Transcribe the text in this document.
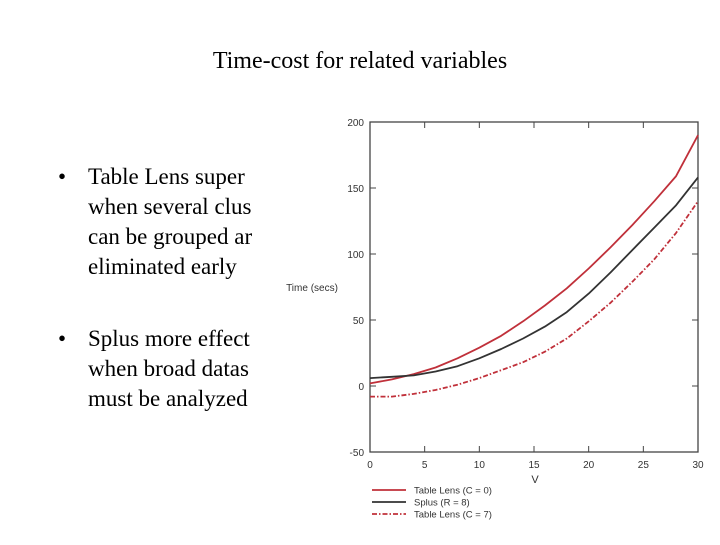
Time-cost for related variables
• Table Lens super
when several clus
can be grouped ar
eliminated early
• Splus more effect
when broad datas
must be analyzed
-50
0
50
100
150
200
0	5	10	15	20	25	30
Time (secs)
V
Table Lens (C = 0)
Splus (R = 8)
Table Lens (C = 7)
